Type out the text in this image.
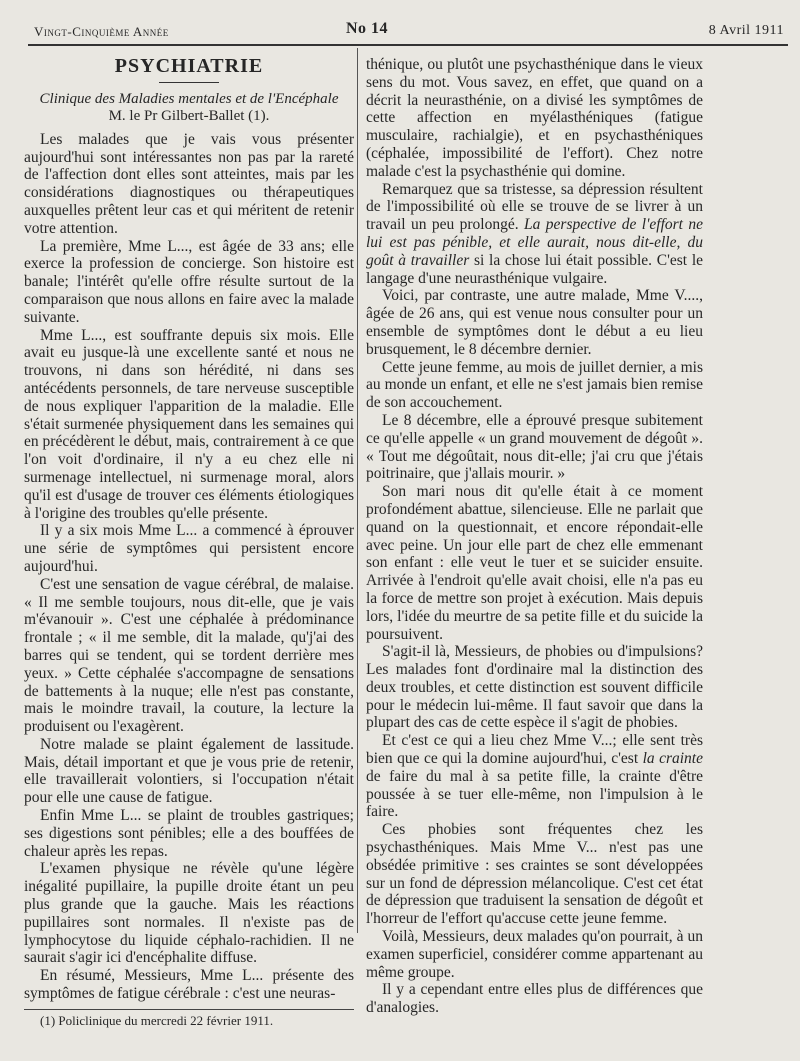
Vingt-Cinquième Année	No 14	8 Avril 1911
PSYCHIATRIE
Clinique des Maladies mentales et de l'Encéphale
M. le Pr Gilbert-Ballet (1).

Les malades que je vais vous présenter aujourd'hui sont intéressantes non pas par la rareté de l'affection dont elles sont atteintes, mais par les considérations diagnostiques ou thérapeutiques auxquelles prêtent leur cas et qui méritent de retenir votre attention.

La première, Mme L..., est âgée de 33 ans; elle exerce la profession de concierge. Son histoire est banale; l'intérêt qu'elle offre résulte surtout de la comparaison que nous allons en faire avec la malade suivante.

Mme L..., est souffrante depuis six mois. Elle avait eu jusque-là une excellente santé et nous ne trouvons, ni dans son hérédité, ni dans ses antécédents personnels, de tare nerveuse susceptible de nous expliquer l'apparition de la maladie. Elle s'était surmenée physiquement dans les semaines qui en précédèrent le début, mais, contrairement à ce que l'on voit d'ordinaire, il n'y a eu chez elle ni surmenage intellectuel, ni surmenage moral, alors qu'il est d'usage de trouver ces éléments étiologiques à l'origine des troubles qu'elle présente.

Il y a six mois Mme L... a commencé à éprouver une série de symptômes qui persistent encore aujourd'hui.

C'est une sensation de vague cérébral, de malaise. « Il me semble toujours, nous dit-elle, que je vais m'évanouir ». C'est une céphalée à prédominance frontale ; « il me semble, dit la malade, qu'j'ai des barres qui se tendent, qui se tordent derrière mes yeux. » Cette céphalée s'accompagne de sensations de battements à la nuque; elle n'est pas constante, mais le moindre travail, la couture, la lecture la produisent ou l'exagèrent.

Notre malade se plaint également de lassitude. Mais, détail important et que je vous prie de retenir, elle travaillerait volontiers, si l'occupation n'était pour elle une cause de fatigue.

Enfin Mme L... se plaint de troubles gastriques; ses digestions sont pénibles; elle a des bouffées de chaleur après les repas.

L'examen physique ne révèle qu'une légère inégalité pupillaire, la pupille droite étant un peu plus grande que la gauche. Mais les réactions pupillaires sont normales. Il n'existe pas de lymphocytose du liquide céphalo-rachidien. Il ne saurait s'agir ici d'encéphalite diffuse.

En résumé, Messieurs, Mme L... présente des symptômes de fatigue cérébrale : c'est une neuras-

(1) Policlinique du mercredi 22 février 1911.

thénique, ou plutôt une psychasthénique dans le vieux sens du mot. Vous savez, en effet, que quand on a décrit la neurasthénie, on a divisé les symptômes de cette affection en myélasthéniques (fatigue musculaire, rachialgie), et en psychasthéniques (céphalée, impossibilité de l'effort). Chez notre malade c'est la psychasthénie qui domine.

Remarquez que sa tristesse, sa dépression résultent de l'impossibilité où elle se trouve de se livrer à un travail un peu prolongé. La perspective de l'effort ne lui est pas pénible, et elle aurait, nous dit-elle, du goût à travailler si la chose lui était possible. C'est le langage d'une neurasthénique vulgaire.

Voici, par contraste, une autre malade, Mme V...., âgée de 26 ans, qui est venue nous consulter pour un ensemble de symptômes dont le début a eu lieu brusquement, le 8 décembre dernier.

Cette jeune femme, au mois de juillet dernier, a mis au monde un enfant, et elle ne s'est jamais bien remise de son accouchement.

Le 8 décembre, elle a éprouvé presque subitement ce qu'elle appelle « un grand mouvement de dégoût ». « Tout me dégoûtait, nous dit-elle; j'ai cru que j'étais poitrinaire, que j'allais mourir. »

Son mari nous dit qu'elle était à ce moment profondément abattue, silencieuse. Elle ne parlait que quand on la questionnait, et encore répondait-elle avec peine. Un jour elle part de chez elle emmenant son enfant : elle veut le tuer et se suicider ensuite. Arrivée à l'endroit qu'elle avait choisi, elle n'a pas eu la force de mettre son projet à exécution. Mais depuis lors, l'idée du meurtre de sa petite fille et du suicide la poursuivent.

S'agit-il là, Messieurs, de phobies ou d'impulsions? Les malades font d'ordinaire mal la distinction des deux troubles, et cette distinction est souvent difficile pour le médecin lui-même. Il faut savoir que dans la plupart des cas de cette espèce il s'agit de phobies.

Et c'est ce qui a lieu chez Mme V...; elle sent très bien que ce qui la domine aujourd'hui, c'est la crainte de faire du mal à sa petite fille, la crainte d'être poussée à se tuer elle-même, non l'impulsion à le faire.

Ces phobies sont fréquentes chez les psychasthéniques. Mais Mme V... n'est pas une obsédée primitive : ses craintes se sont développées sur un fond de dépression mélancolique. C'est cet état de dépression que traduisent la sensation de dégoût et l'horreur de l'effort qu'accuse cette jeune femme.

Voilà, Messieurs, deux malades qu'on pourrait, à un examen superficiel, considérer comme appartenant au même groupe.

Il y a cependant entre elles plus de différences que d'analogies.
